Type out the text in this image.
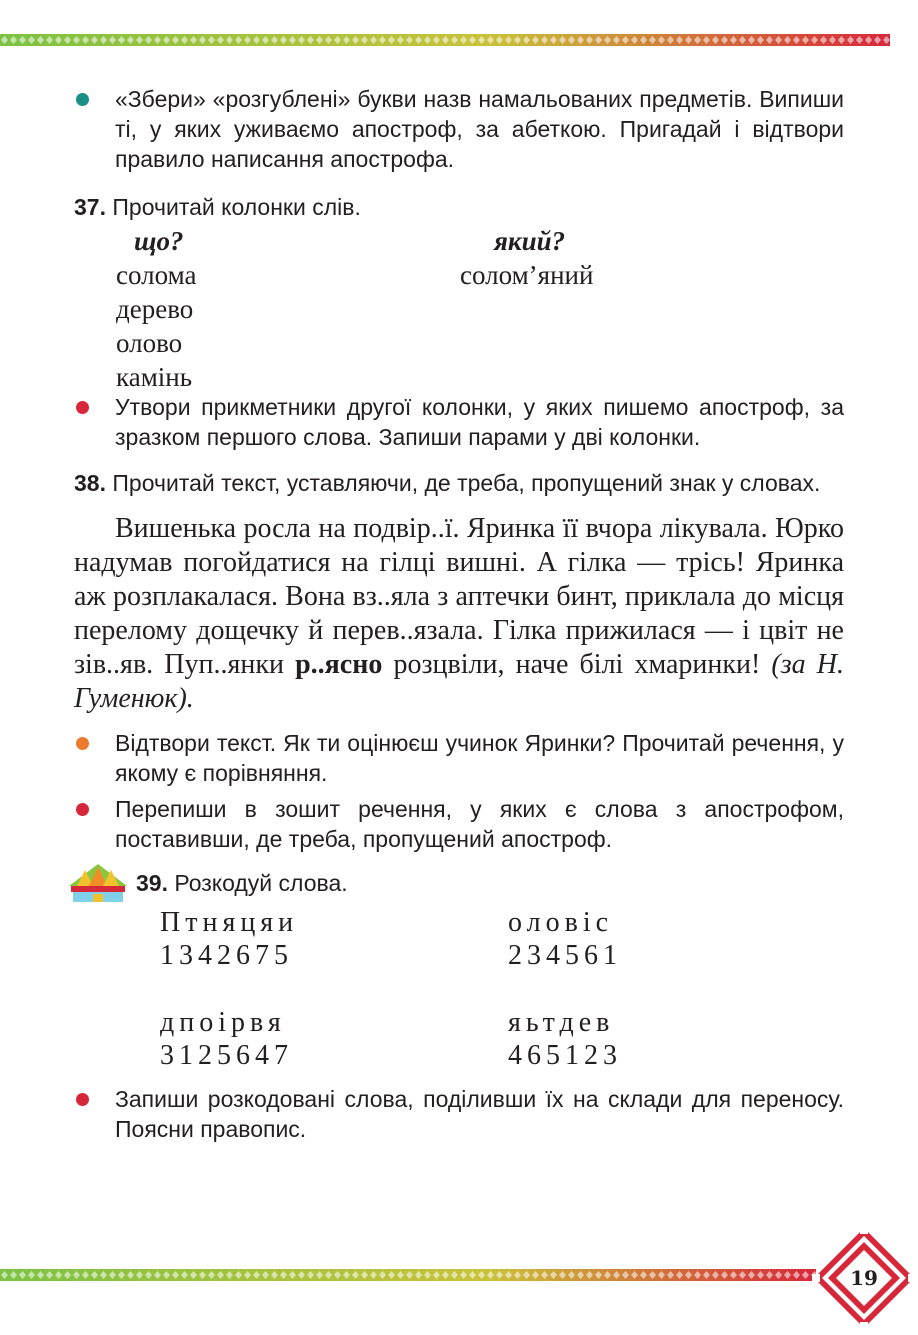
«Збери» «розгублені» букви назв намальованих предметів. Випиши ті, у яких уживаємо апостроф, за абеткою. Пригадай і відтвори правило написання апострофа.
37. Прочитай колонки слів.
що?
солома
дерево
олово
камінь
який?
солом’яний
Утвори прикметники другої колонки, у яких пишемо апостроф, за зразком першого слова. Запиши парами у дві колонки.
38. Прочитай текст, уставляючи, де треба, пропущений знак у словах.

Вишенька росла на подвір..ї. Яринка її вчора лікувала. Юрко надумав погойдатися на гілці вишні. А гілка — трісь! Яринка аж розплакалася. Вона вз..яла з аптечки бинт, приклала до місця перелому дощечку й перев..язала. Гілка прижилася — і цвіт не зів..яв. Пуп..янки р..ясно розцвіли, наче білі хмаринки! (за Н. Гуменюк).

Відтвори текст. Як ти оцінюєш учинок Яринки? Прочитай речення, у якому є порівняння.
Перепиши в зошит речення, у яких є слова з апострофом, поставивши, де треба, пропущений апостроф.
39. Розкодуй слова.
Птняцяи
1342675
оловіс
234561
дпоірвя
3125647
яьтдев
465123
Запиши розкодовані слова, поділивши їх на склади для переносу. Поясни правопис.
19
